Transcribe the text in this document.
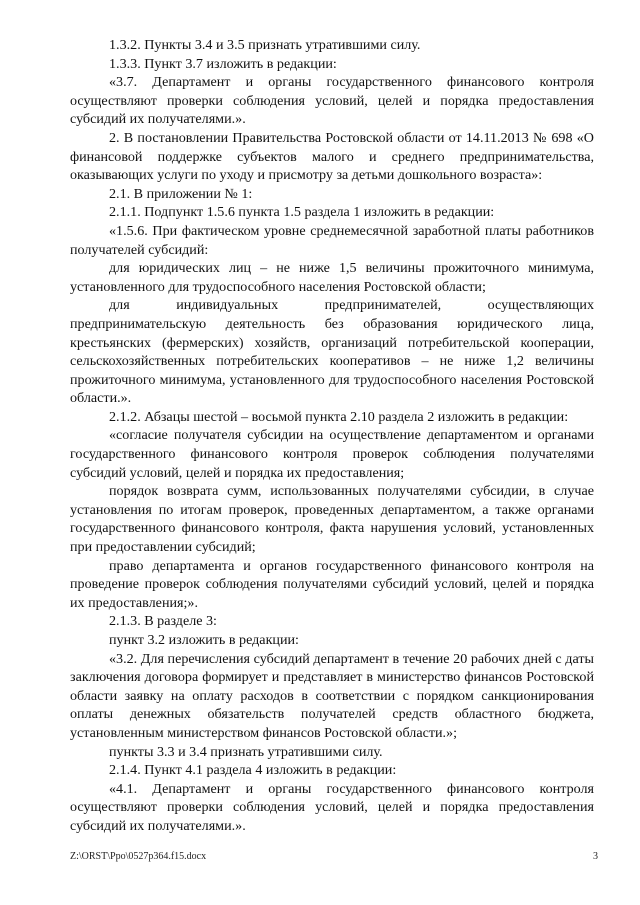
1.3.2. Пункты 3.4 и 3.5 признать утратившими силу.

1.3.3. Пункт 3.7 изложить в редакции:

«3.7. Департамент и органы государственного финансового контроля осуществляют проверки соблюдения условий, целей и порядка предоставления субсидий их получателями.».

2. В постановлении Правительства Ростовской области от 14.11.2013 № 698 «О финансовой поддержке субъектов малого и среднего предпринимательства, оказывающих услуги по уходу и присмотру за детьми дошкольного возраста»:

2.1. В приложении № 1:

2.1.1. Подпункт 1.5.6 пункта 1.5 раздела 1 изложить в редакции:

«1.5.6. При фактическом уровне среднемесячной заработной платы работников получателей субсидий:

для юридических лиц – не ниже 1,5 величины прожиточного минимума, установленного для трудоспособного населения Ростовской области;

для индивидуальных предпринимателей, осуществляющих предпринимательскую деятельность без образования юридического лица, крестьянских (фермерских) хозяйств, организаций потребительской кооперации, сельскохозяйственных потребительских кооперативов – не ниже 1,2 величины прожиточного минимума, установленного для трудоспособного населения Ростовской области.».

2.1.2. Абзацы шестой – восьмой пункта 2.10 раздела 2 изложить в редакции:

«согласие получателя субсидии на осуществление департаментом и органами государственного финансового контроля проверок соблюдения получателями субсидий условий, целей и порядка их предоставления;

порядок возврата сумм, использованных получателями субсидии, в случае установления по итогам проверок, проведенных департаментом, а также органами государственного финансового контроля, факта нарушения условий, установленных при предоставлении субсидий;

право департамента и органов государственного финансового контроля на проведение проверок соблюдения получателями субсидий условий, целей и порядка их предоставления;».

2.1.3. В разделе 3:

пункт 3.2 изложить в редакции:

«3.2. Для перечисления субсидий департамент в течение 20 рабочих дней с даты заключения договора формирует и представляет в министерство финансов Ростовской области заявку на оплату расходов в соответствии с порядком санкционирования оплаты денежных обязательств получателей средств областного бюджета, установленным министерством финансов Ростовской области.»;

пункты 3.3 и 3.4 признать утратившими силу.

2.1.4. Пункт 4.1 раздела 4 изложить в редакции:

«4.1. Департамент и органы государственного финансового контроля осуществляют проверки соблюдения условий, целей и порядка предоставления субсидий их получателями.».

Z:\ORST\Ppo\0527p364.f15.docx	3
